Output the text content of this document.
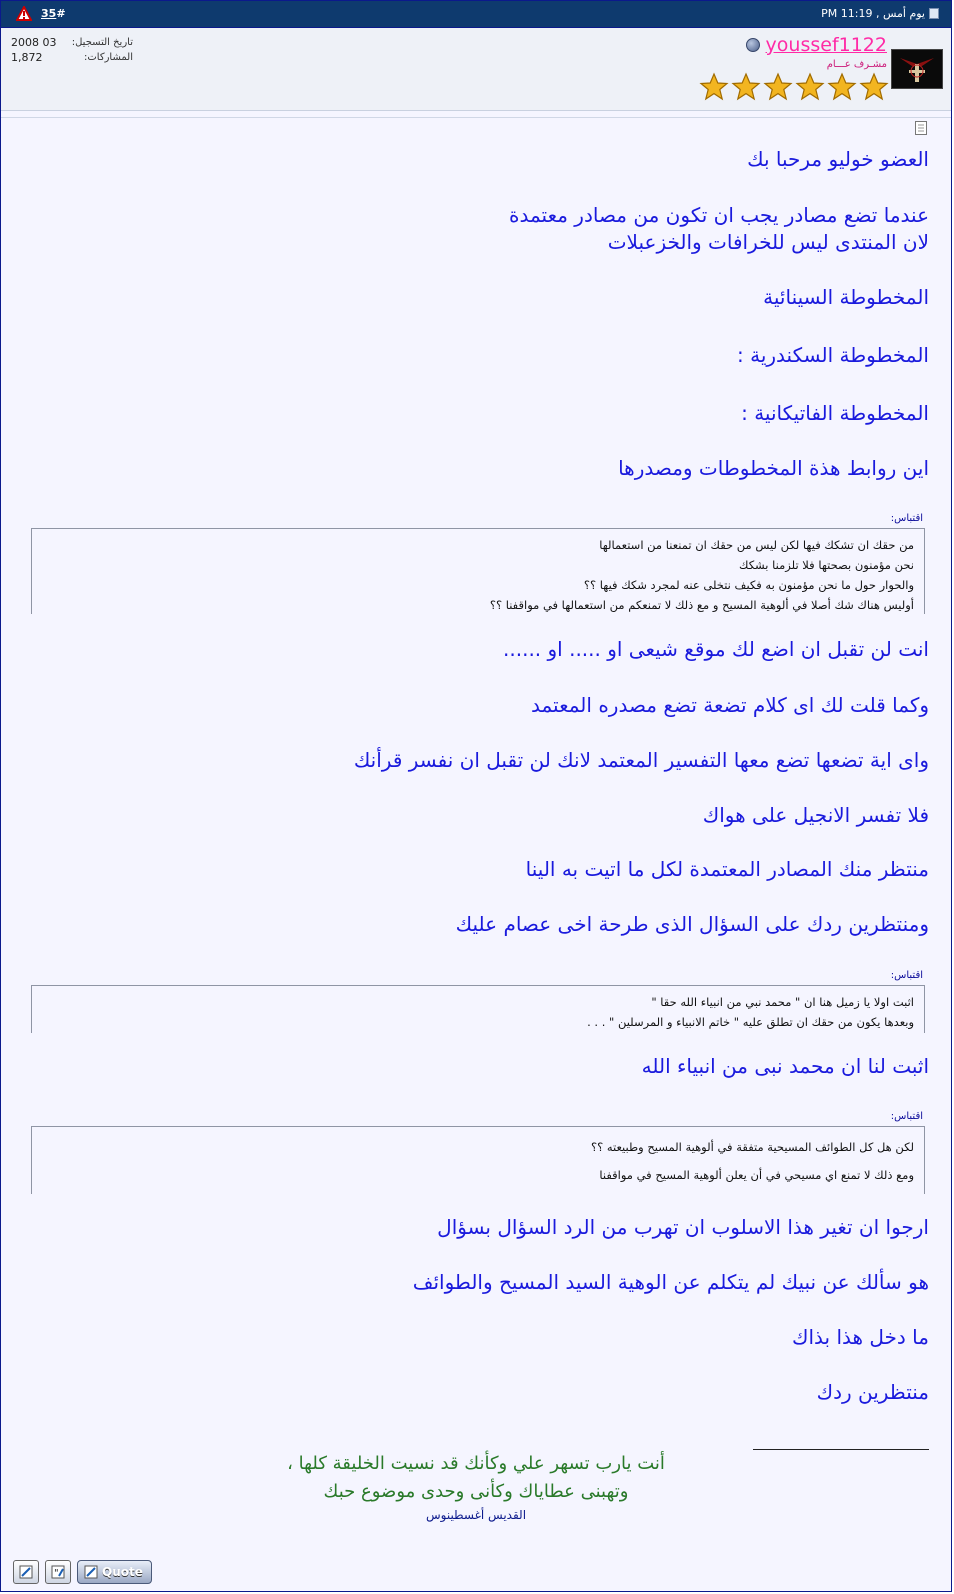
35#	يوم أمس , 11:19 PM
youssef1122
مشـرف عـــام
تاريخ التسجيل:
03 2008
المشاركات:
1,872
العضو خوليو مرحبا بك
عندما تضع مصادر يجب ان تكون من مصادر معتمدة
لان المنتدى ليس للخرافات والخزعبلات
المخطوطة السينائية
المخطوطة السكندرية :
المخطوطة الفاتيكانية :
اين روابط هذة المخطوطات ومصدرها
اقتباس:
من حقك ان تشكك فيها لكن ليس من حقك ان تمنعنا من استعمالها
نحن مؤمنون بصحتها فلا تلزمنا بشكك
والحوار حول ما نحن مؤمنون به فكيف نتخلى عنه لمجرد شكك فيها ؟؟
أوليس هناك شك أصلا في ألوهية المسيح و مع ذلك لا تمنعكم من استعمالها في مواقفنا ؟؟
انت لن تقبل ان اضع لك موقع شيعى او ..... او ......
وكما قلت لك اى كلام تضعة تضع مصدره المعتمد
واى اية تضعها تضع معها التفسير المعتمد لانك لن تقبل ان نفسر قرأنك
فلا تفسر الانجيل على هواك
منتظر منك المصادر المعتمدة لكل ما اتيت به الينا
ومنتظرين ردك على السؤال الذى طرحة اخى عصام عليك
اقتباس:
اثبت اولا يا زميل هنا ان " محمد نبي من انبياء الله حقا "
وبعدها يكون من حقك ان تطلق عليه " خاتم الانبياء و المرسلين " . . .
اثبت لنا ان محمد نبى من انبياء الله
اقتباس:
لكن هل كل الطوائف المسيحية متفقة في ألوهية المسيح وطبيعته ؟؟
ومع ذلك لا تمنع اي مسيحي في أن يعلن ألوهية المسيح في مواقفنا
ارجوا ان تغير هذا الاسلوب ان تهرب من الرد السؤال بسؤال
هو سألك عن نبيك لم يتكلم عن الوهية السيد المسيح والطوائف
ما دخل هذا بذاك
منتظرين ردك
أنت يارب تسهر علي وكأنك قد نسيت الخليقة كلها ،
وتهبنى عطاياك وكأنى وحدى موضوع حبك
القديس أغسطينوس
"	Quote
